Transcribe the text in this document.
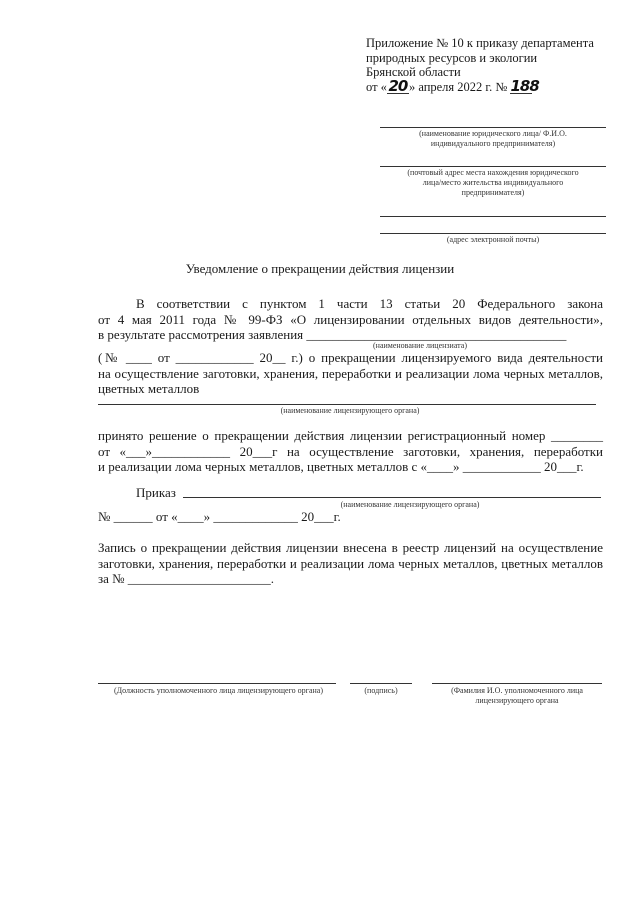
Приложение № 10 к приказу департамента
природных ресурсов и экологии
Брянской области
от « 20 » апреля 2022 г. № 188
(наименование юридического лица/ Ф.И.О.
индивидуального предпринимателя)
(почтовый адрес места нахождения юридического
лица/место жительства индивидуального
предпринимателя)
(адрес электронной почты)
Уведомление о прекращении действия лицензии
В соответствии с пунктом 1 части 13 статьи 20 Федерального закона
от 4 мая 2011 года № 99-ФЗ «О лицензировании отдельных видов деятельности»,
в результате рассмотрения заявления ________________________________________
(наименование лицензиата)
(№ ____ от ____________ 20__ г.) о прекращении лицензируемого вида деятельности
на осуществление заготовки, хранения, переработки и реализации лома черных металлов,
цветных металлов
(наименование лицензирующего органа)
принято решение о прекращении действия лицензии регистрационный номер ________
от «___»____________ 20___г на осуществление заготовки, хранения, переработки
и реализации лома черных металлов, цветных металлов с «____» ____________ 20___г.
Приказ
(наименование лицензирующего органа)
№ ______ от «____» _____________ 20___г.
Запись о прекращении действия лицензии внесена в реестр лицензий на осуществление
заготовки, хранения, переработки и реализации лома черных металлов, цветных металлов
за № ______________________.
(Должность уполномоченного лица лицензирующего органа)	(подпись)	(Фамилия И.О. уполномоченного лица
лицензирующего органа
